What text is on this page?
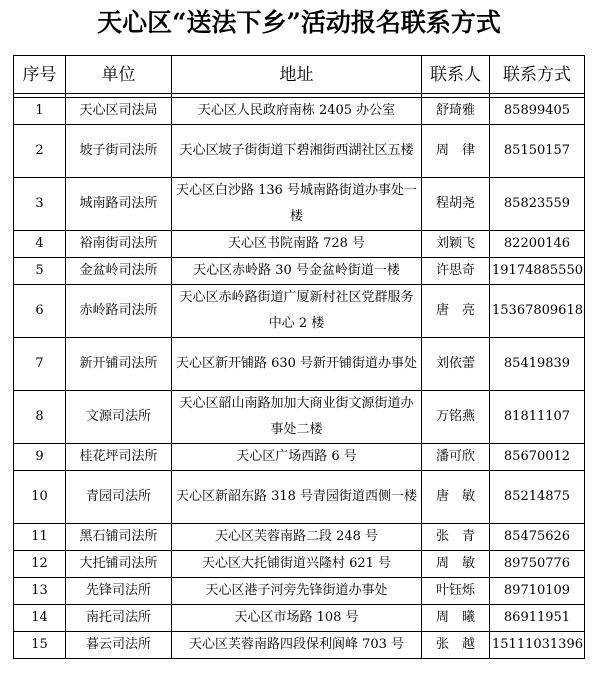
天心区“送法下乡”活动报名联系方式
序号	单位	地址	联系人	联系方式

1	天心区司法局	天心区人民政府南栋 2405 办公室	舒琦雅	85899405
2	坡子街司法所	天心区坡子街街道下碧湘街西湖社区五楼	周　律	85150157
3	城南路司法所	天心区白沙路 136 号城南路街道办事处一楼	程胡尧	85823559
4	裕南街司法所	天心区书院南路 728 号	刘颖飞	82200146
5	金盆岭司法所	天心区赤岭路 30 号金盆岭街道一楼	许思奇	19174885550
6	赤岭路司法所	天心区赤岭路街道广厦新村社区党群服务中心 2 楼	唐　亮	15367809618
7	新开铺司法所	天心区新开铺路 630 号新开铺街道办事处	刘依蕾	85419839
8	文源司法所	天心区韶山南路加加大商业街文源街道办事处二楼	万铭燕	81811107
9	桂花坪司法所	天心区广场西路 6 号	潘可欣	85670012
10	青园司法所	天心区新韶东路 318 号青园街道西侧一楼	唐　敏	85214875
11	黑石铺司法所	天心区芙蓉南路二段 248 号	张　青	85475626
12	大托铺司法所	天心区大托铺街道兴隆村 621 号	周　敏	89750776
13	先锋司法所	天心区港子河旁先锋街道办事处	叶钰烁	89710109
14	南托司法所	天心区市场路 108 号	周　曦	86911951
15	暮云司法所	天心区芙蓉南路四段保利阆峰 703 号	张　越	15111031396
